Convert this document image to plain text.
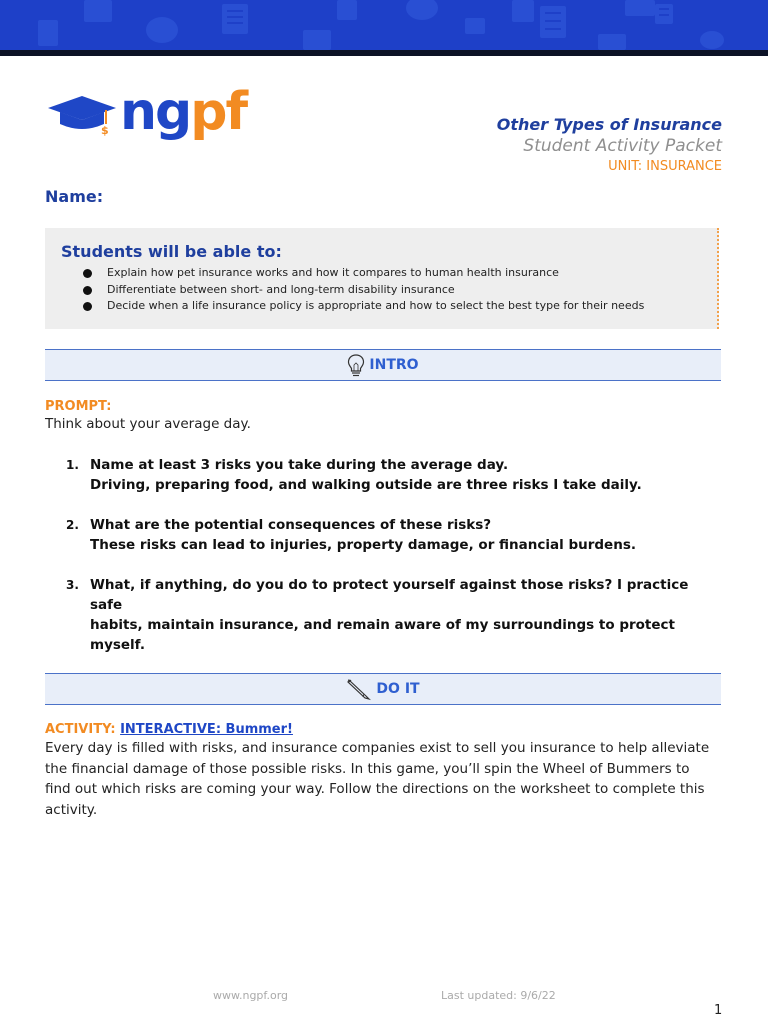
$ ngpf	Other Types of Insurance
Student Activity Packet
UNIT: INSURANCE
Name:
Students will be able to:
Explain how pet insurance works and how it compares to human health insurance
Differentiate between short- and long-term disability insurance
Decide when a life insurance policy is appropriate and how to select the best type for their needs
INTRO
PROMPT:
Think about your average day.
1. Name at least 3 risks you take during the average day.
Driving, preparing food, and walking outside are three risks I take daily.
2. What are the potential consequences of these risks?
These risks can lead to injuries, property damage, or financial burdens.
3. What, if anything, do you do to protect yourself against those risks? I practice safe
habits, maintain insurance, and remain aware of my surroundings to protect myself.
DO IT
ACTIVITY: INTERACTIVE: Bummer!
Every day is filled with risks, and insurance companies exist to sell you insurance to help alleviate
the financial damage of those possible risks. In this game, you’ll spin the Wheel of Bummers to
find out which risks are coming your way. Follow the directions on the worksheet to complete this
activity.
www.ngpf.org	Last updated: 9/6/22
1
